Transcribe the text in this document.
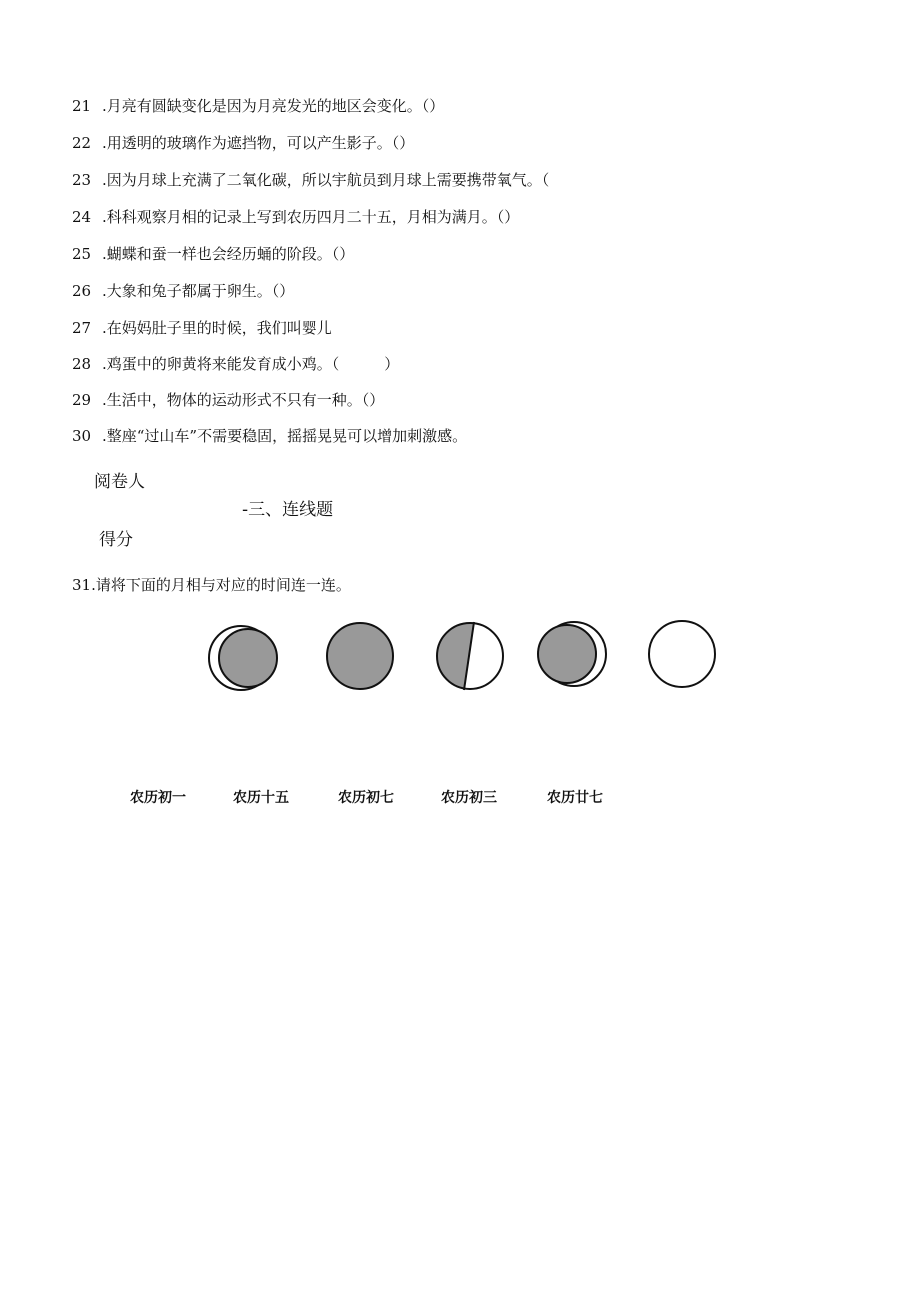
21 .月亮有圆缺变化是因为月亮发光的地区会变化。（）
22 .用透明的玻璃作为遮挡物，可以产生影子。（）
23 .因为月球上充满了二氧化碳，所以宇航员到月球上需要携带氧气。（
24 .科科观察月相的记录上写到农历四月二十五，月相为满月。（）
25 .蝴蝶和蚕一样也会经历蛹的阶段。（）
26 .大象和兔子都属于卵生。（）
27 .在妈妈肚子里的时候，我们叫婴儿
28 .鸡蛋中的卵黄将来能发育成小鸡。（　　　）
29 .生活中，物体的运动形式不只有一种。（）
30 .整座“过山车”不需要稳固，摇摇晃晃可以增加刺激感。
阅卷人
-三、连线题
得分
31.请将下面的月相与对应的时间连一连。
农历初一	农历十五	农历初七	农历初三	农历廿七
